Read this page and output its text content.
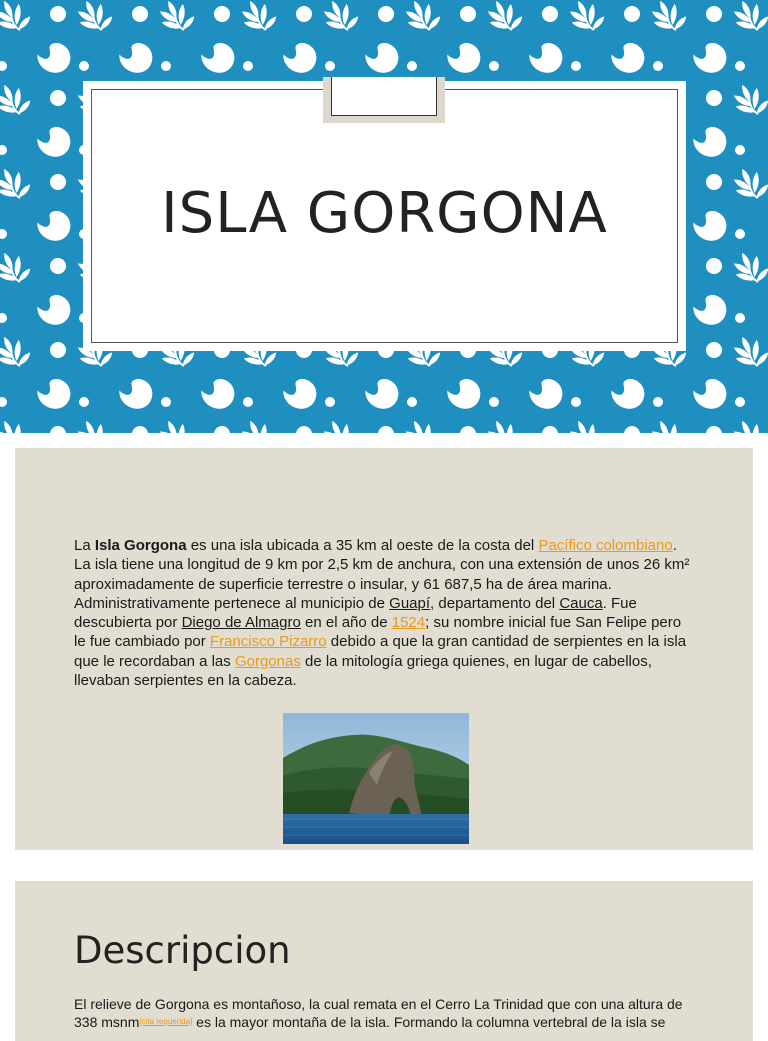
ISLA GORGONA

La Isla Gorgona es una isla ubicada a 35 km al oeste de la costa del Pacífico colombiano. La isla tiene una longitud de 9 km por 2,5 km de anchura, con una extensión de unos 26 km² aproximadamente de superficie terrestre o insular, y 61 687,5 ha de área marina.
Administrativamente pertenece al municipio de Guapí, departamento del Cauca. Fue descubierta por Diego de Almagro en el año de 1524; su nombre inicial fue San Felipe pero le fue cambiado por Francisco Pizarro debido a que la gran cantidad de serpientes en la isla que le recordaban a las Gorgonas de la mitología griega quienes, en lugar de cabellos, llevaban serpientes en la cabeza.

Descripcion

El relieve de Gorgona es montañoso, la cual remata en el Cerro La Trinidad que con una altura de 338 msnm[cita requerida] es la mayor montaña de la isla. Formando la columna vertebral de la isla se
